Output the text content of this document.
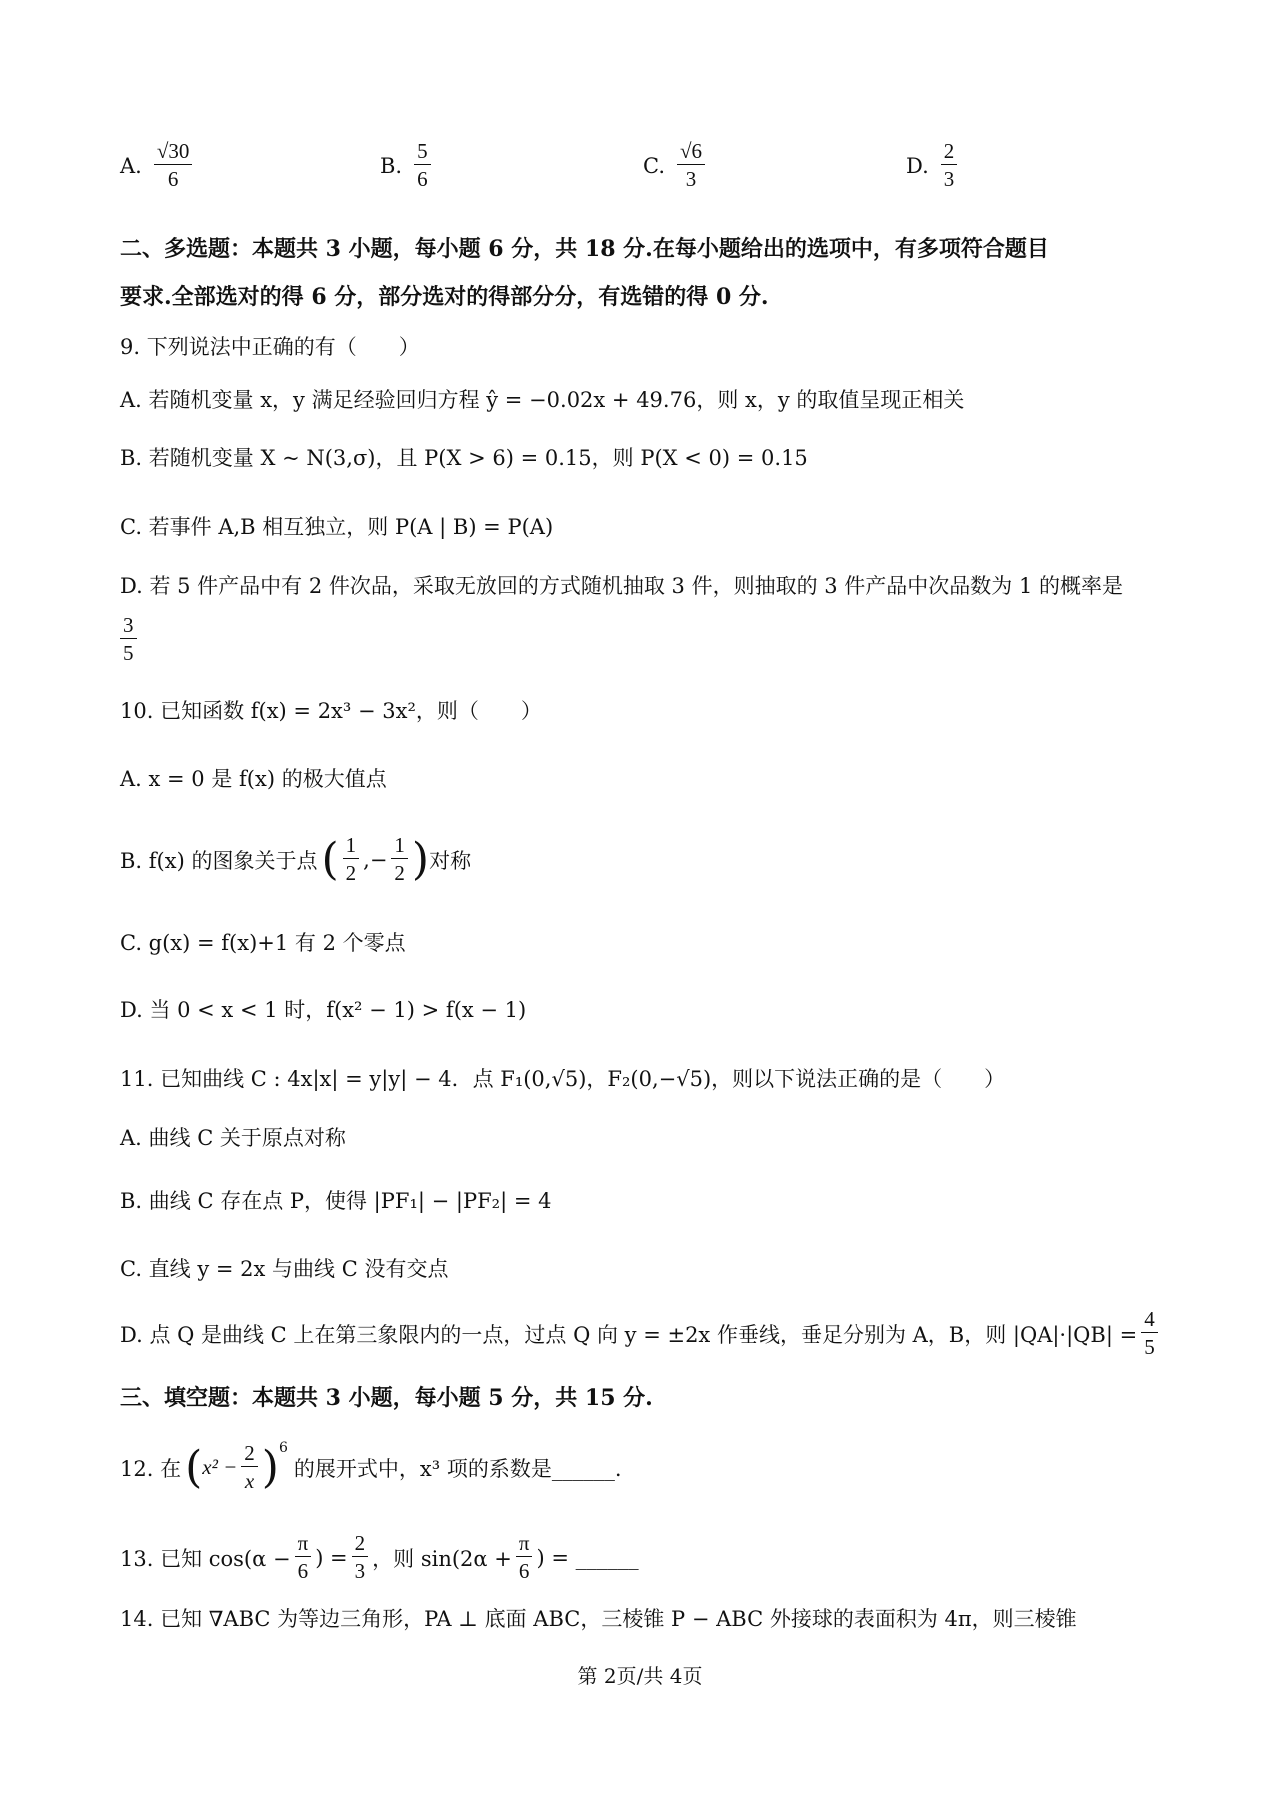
A. $\frac{√30}{6}$	B. $\frac{5}{6}$	C. $\frac{√6}{3}$	D. $\frac{2}{3}$
二、多选题：本题共 3 小题，每小题 6 分，共 18 分.在每小题给出的选项中，有多项符合题目
要求.全部选对的得 6 分，部分选对的得部分分，有选错的得 0 分.
9. 下列说法中正确的有（　　）
A. 若随机变量 x，y 满足经验回归方程 ŷ = −0.02x + 49.76，则 x，y 的取值呈现正相关
B. 若随机变量 X ~ N(3,σ)，且 P(X > 6) = 0.15，则 P(X < 0) = 0.15
C. 若事件 A,B 相互独立，则 P(A | B) = P(A)
D. 若 5 件产品中有 2 件次品，采取无放回的方式随机抽取 3 件，则抽取的 3 件产品中次品数为 1 的概率是
$\frac{3}{5}$
10. 已知函数 f(x) = 2x³ − 3x²，则（　　）
A. x = 0 是 f(x) 的极大值点
B. f(x) 的图象关于点 ( $\frac{1}{2}$ ,− $\frac{1}{2}$ ) 对称
C. g(x) = f(x)+1 有 2 个零点
D. 当 0 < x < 1 时，f(x² − 1) > f(x − 1)
11. 已知曲线 C : 4x|x| = y|y| − 4．点 F₁(0,√5)，F₂(0,−√5)，则以下说法正确的是（　　）
A. 曲线 C 关于原点对称
B. 曲线 C 存在点 P，使得 |PF₁| − |PF₂| = 4
C. 直线 y = 2x 与曲线 C 没有交点
D. 点 Q 是曲线 C 上在第三象限内的一点，过点 Q 向 y = ±2x 作垂线，垂足分别为 A，B，则 $|QA|\cdot|QB| = \frac{4}{5}$
三、填空题：本题共 3 小题，每小题 5 分，共 15 分.
12. 在 ( $x^2 - \frac{2}{x}$ ) 6
的展开式中，x³ 项的系数是______.
13. 已知 $\cos(\alpha - \frac{\pi}{6}$ ) = $\frac{2}{3}$ ，则 $\sin(2\alpha + \frac{\pi}{6}$ ) = ______
14. 已知 ∇ABC 为等边三角形，PA ⊥ 底面 ABC，三棱锥 P − ABC 外接球的表面积为 4π，则三棱锥
第 2页/共 4页
